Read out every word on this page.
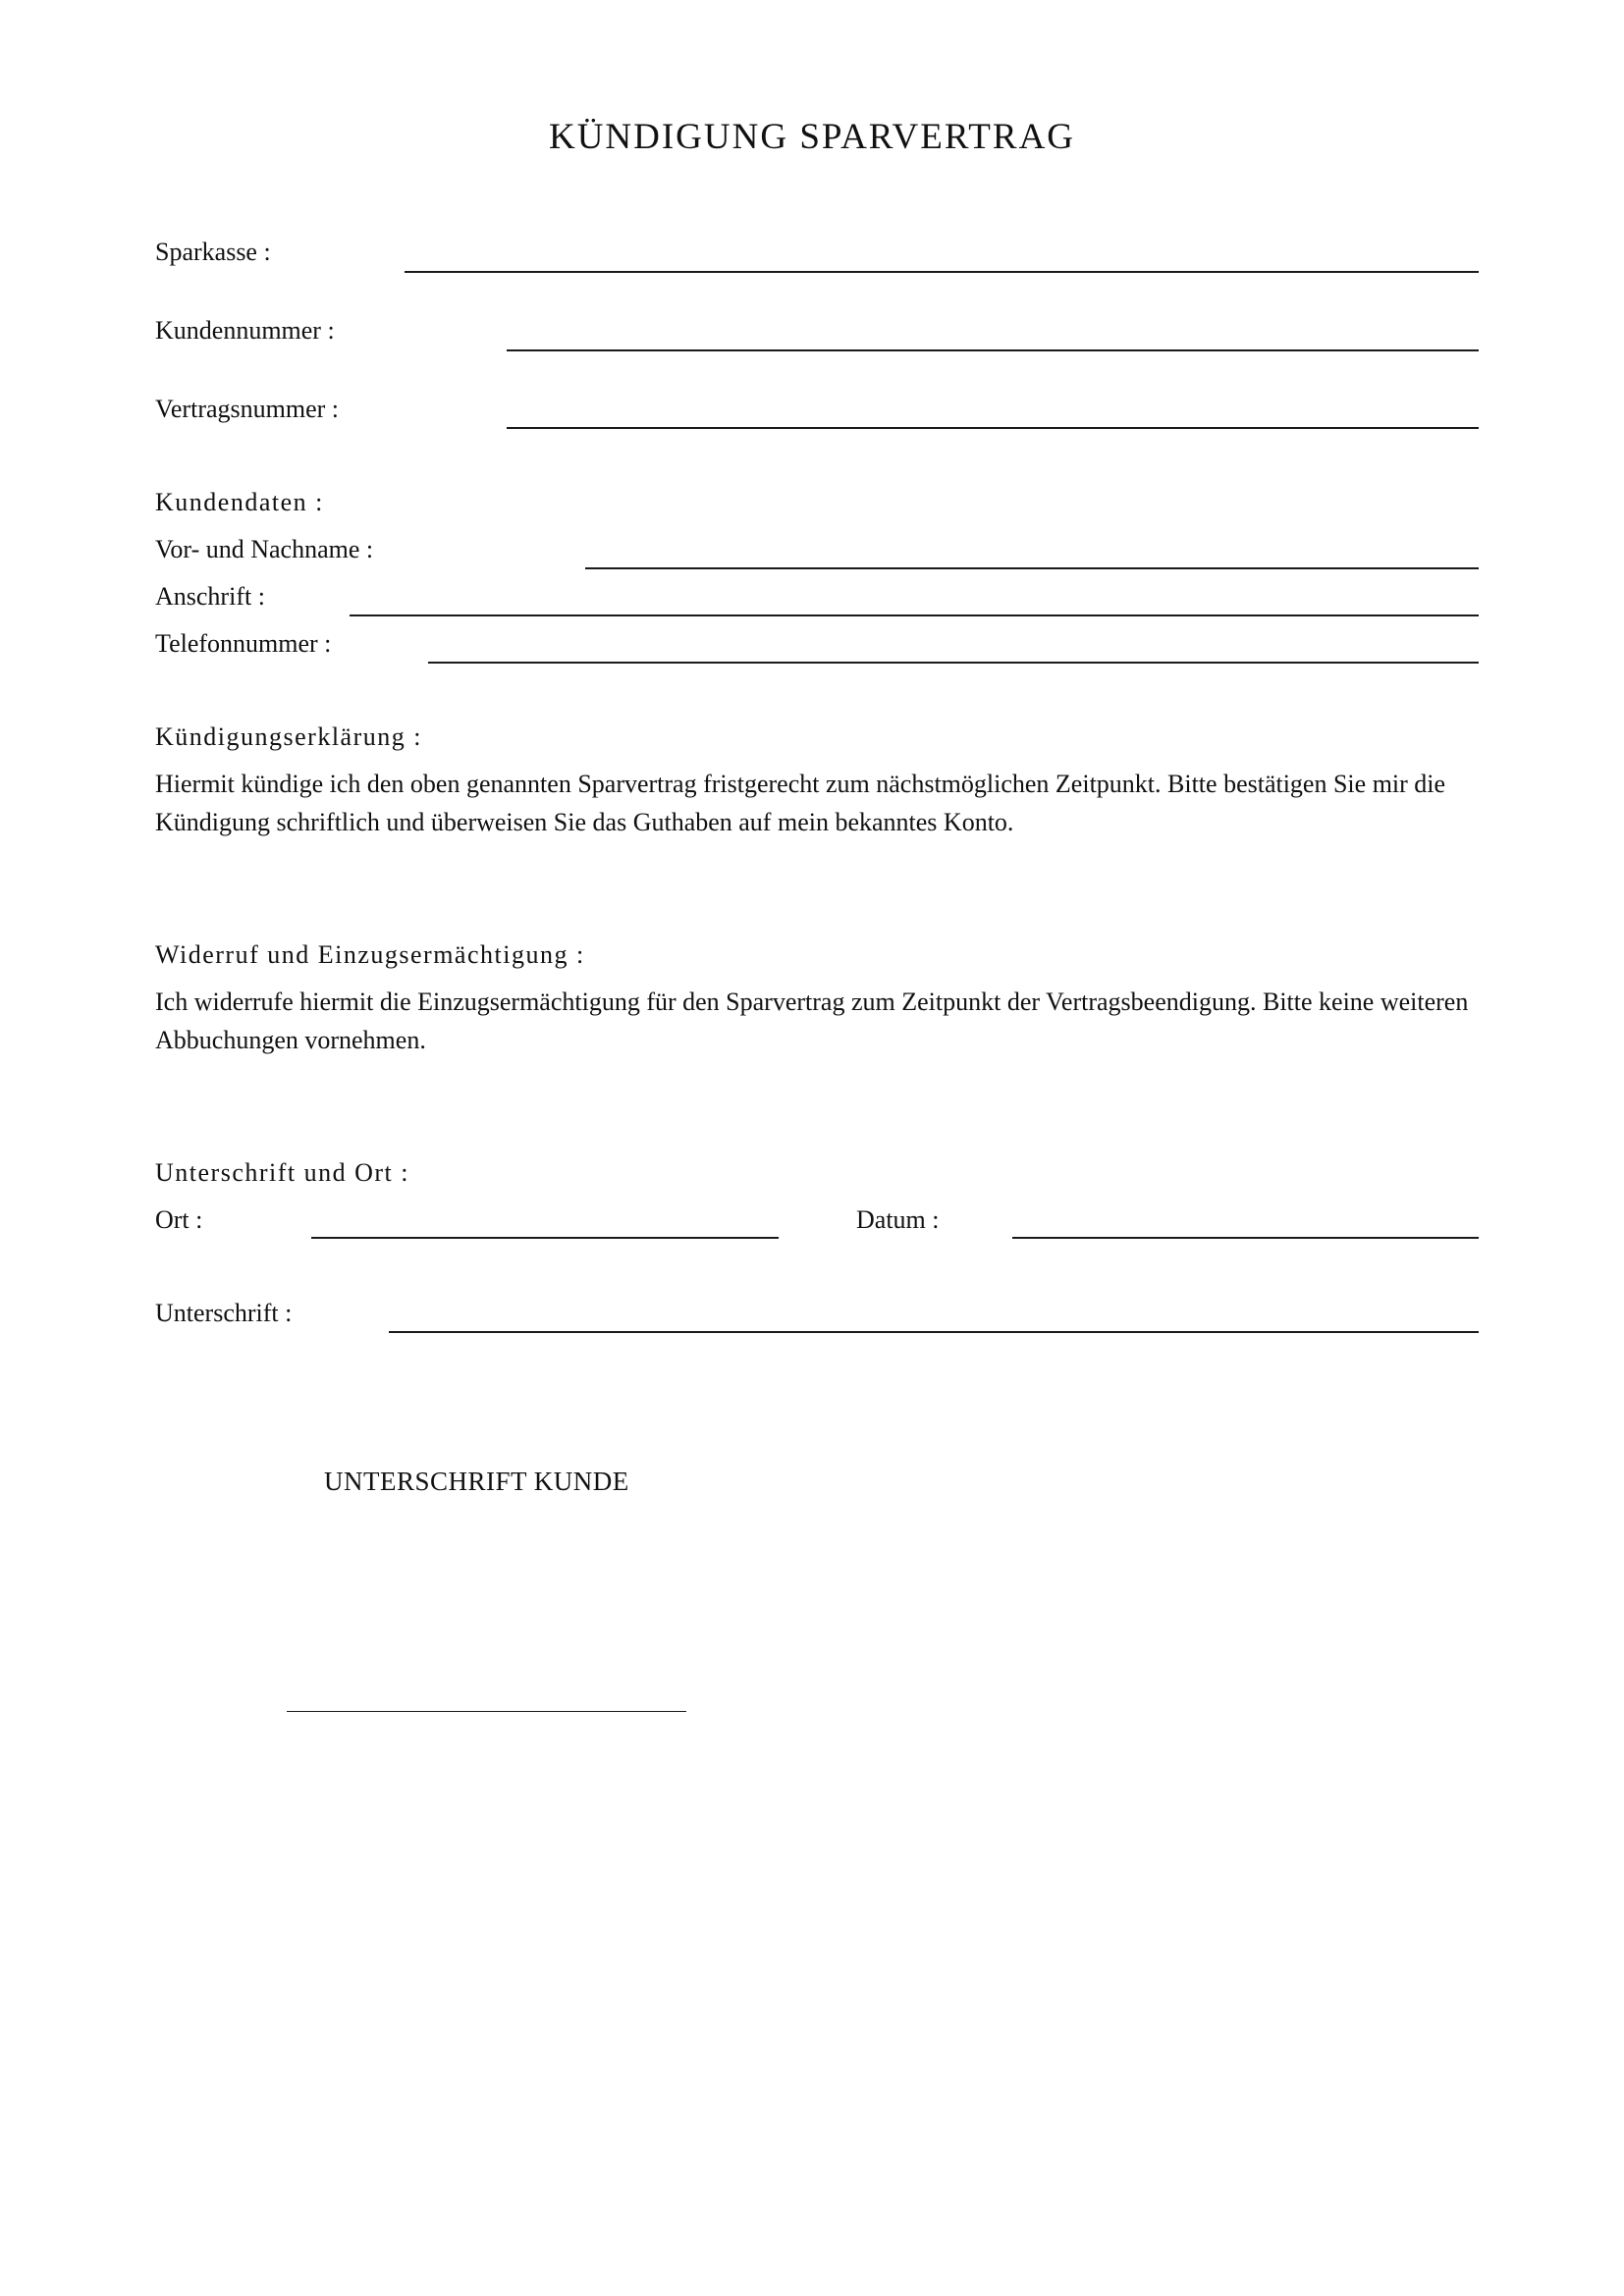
KÜNDIGUNG SPARVERTRAG
Sparkasse :
Kundennummer :
Vertragsnummer :
Kundendaten :
Vor- und Nachname :
Anschrift :
Telefonnummer :
Kündigungserklärung :
Hiermit kündige ich den oben genannten Sparvertrag fristgerecht zum nächstmöglichen Zeitpunkt. Bitte bestätigen Sie mir die Kündigung schriftlich und überweisen Sie das Guthaben auf mein bekanntes Konto.
Widerruf und Einzugsermächtigung :
Ich widerrufe hiermit die Einzugsermächtigung für den Sparvertrag zum Zeitpunkt der Vertragsbeendigung. Bitte keine weiteren Abbuchungen vornehmen.
Unterschrift und Ort :
Ort :	Datum :
Unterschrift :
UNTERSCHRIFT KUNDE
